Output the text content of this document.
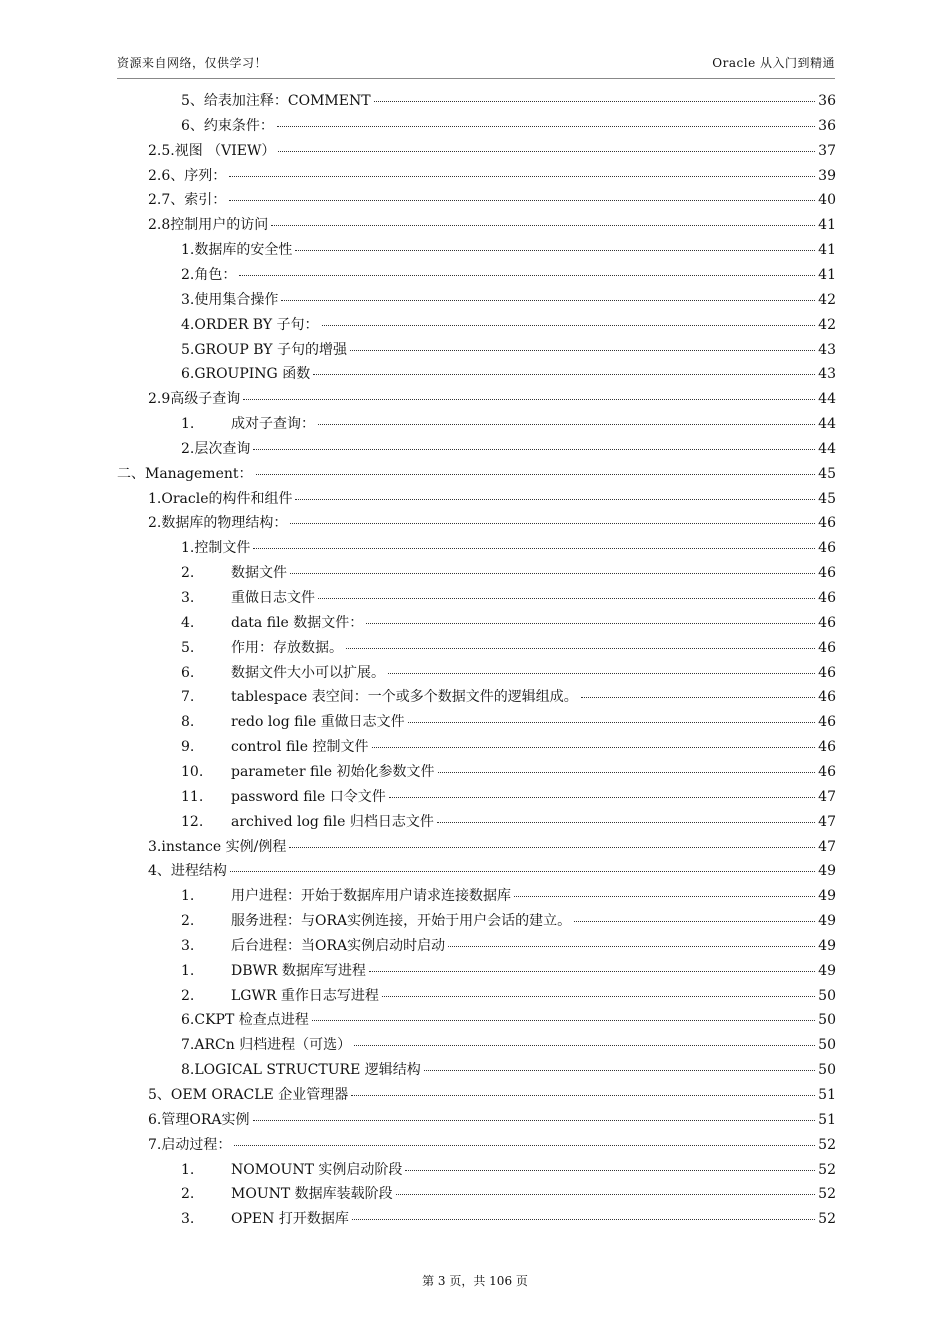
资源来自网络，仅供学习！	Oracle 从入门到精通
5、给表加注释：COMMENT	36
6、约束条件：	36
2.5.视图 （VIEW）	37
2.6、序列：	39
2.7、索引：	40
2.8控制用户的访问	41
1.数据库的安全性	41
2.角色：	41
3.使用集合操作	42
4.ORDER BY 子句：	42
5.GROUP BY 子句的增强	43
6.GROUPING 函数	43
2.9高级子查询	44
1.	成对子查询：	44
2.层次查询	44
二、Management：	45
1.Oracle的构件和组件	45
2.数据库的物理结构：	46
1.控制文件	46
2.	数据文件	46
3.	重做日志文件	46
4.	data file 数据文件：	46
5.	作用：存放数据。	46
6.	数据文件大小可以扩展。	46
7.	tablespace 表空间：一个或多个数据文件的逻辑组成。	46
8.	redo log file 重做日志文件	46
9.	control file 控制文件	46
10.	parameter file 初始化参数文件	46
11.	password file 口令文件	47
12.	archived log file 归档日志文件	47
3.instance 实例/例程	47
4、进程结构	49
1.	用户进程：开始于数据库用户请求连接数据库	49
2.	服务进程：与ORA实例连接，开始于用户会话的建立。	49
3.	后台进程：当ORA实例启动时启动	49
1.	DBWR 数据库写进程	49
2.	LGWR 重作日志写进程	50
6.CKPT 检查点进程	50
7.ARCn 归档进程（可选）	50
8.LOGICAL STRUCTURE 逻辑结构	50
5、OEM ORACLE 企业管理器	51
6.管理ORA实例	51
7.启动过程：	52
1.	NOMOUNT 实例启动阶段	52
2.	MOUNT 数据库装载阶段	52
3.	OPEN 打开数据库	52
第 3 页，共 106 页
